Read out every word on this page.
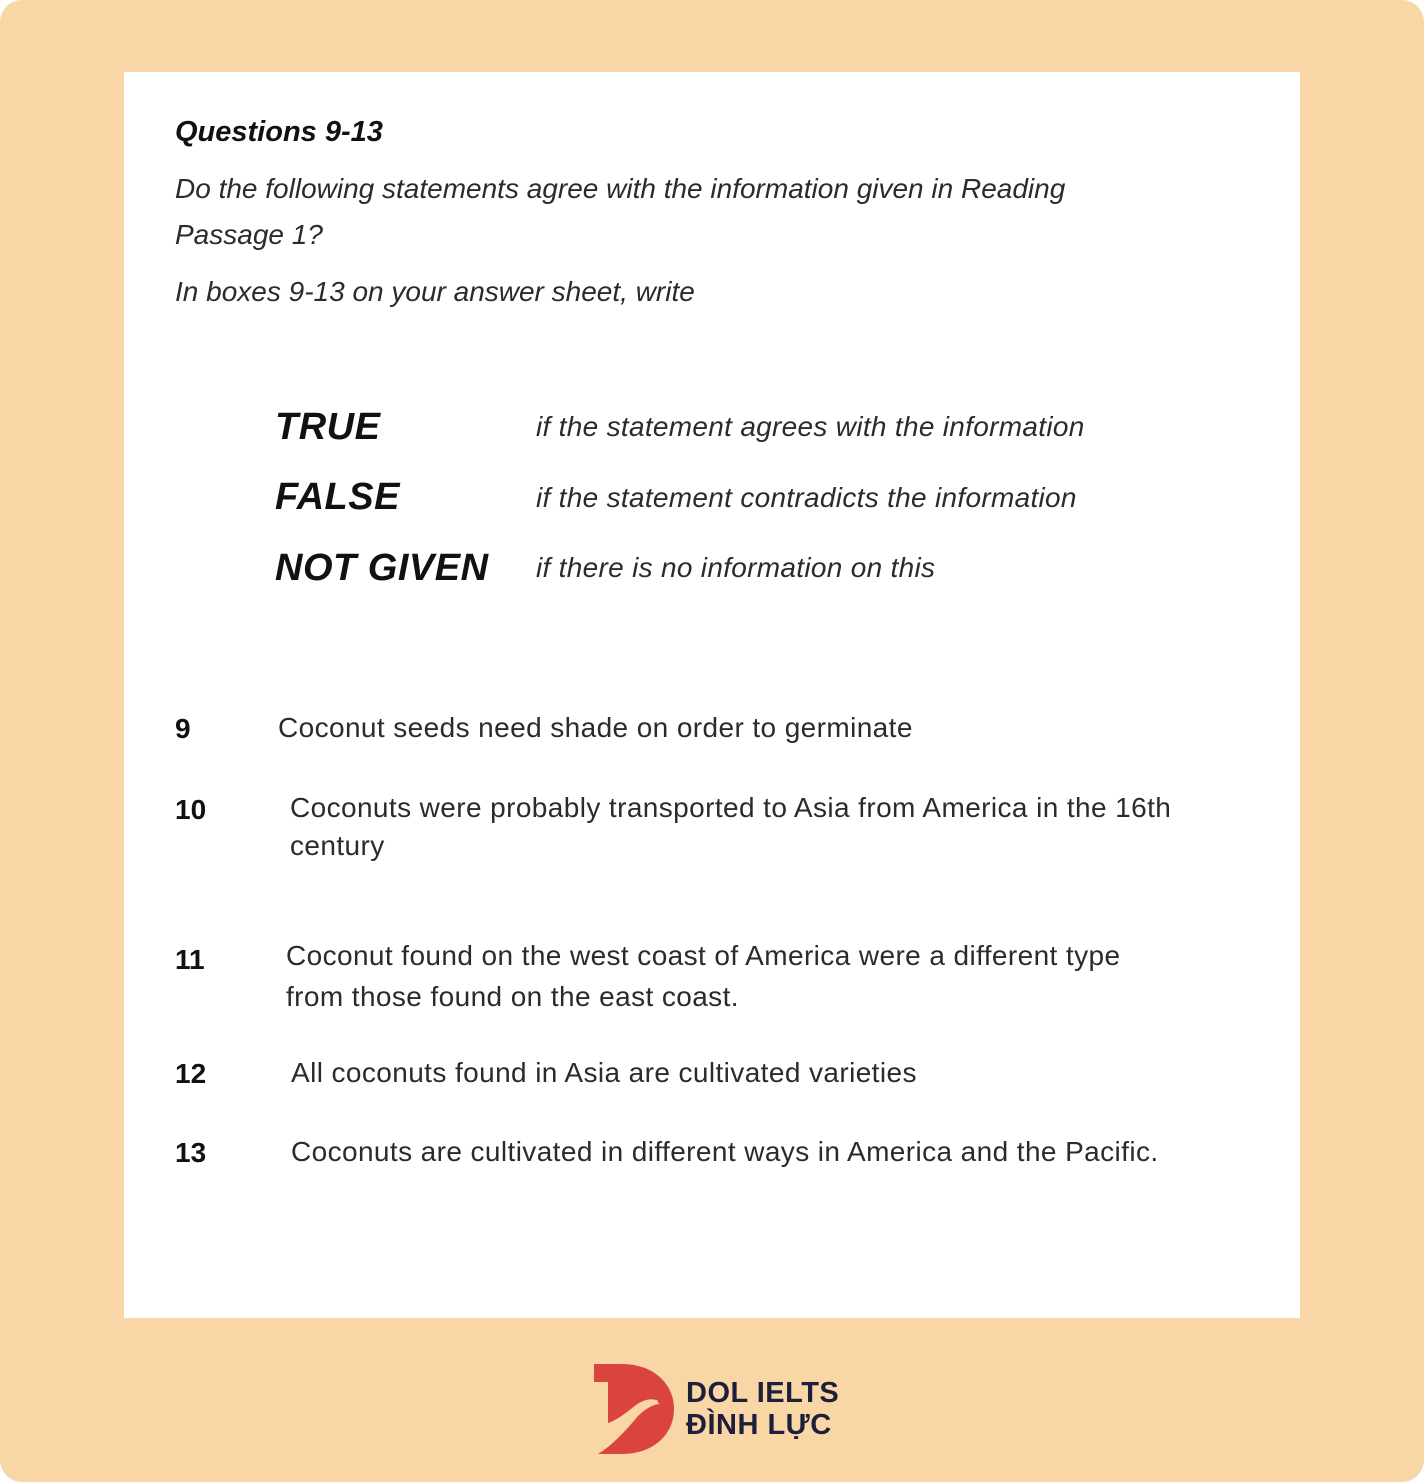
Questions 9-13
Do the following statements agree with the information given in Reading
Passage 1?
In boxes 9-13 on your answer sheet, write
TRUE	if the statement agrees with the information
FALSE	if the statement contradicts the information
NOT GIVEN if there is no information on this
9	Coconut seeds need shade on order to germinate
10	Coconuts were probably transported to Asia from America in the 16th
century
11	Coconut found on the west coast of America were a different type
from those found on the east coast.
12	All coconuts found in Asia are cultivated varieties
13	Coconuts are cultivated in different ways in America and the Pacific.
DOL IELTS
ĐÌNH LỰC
